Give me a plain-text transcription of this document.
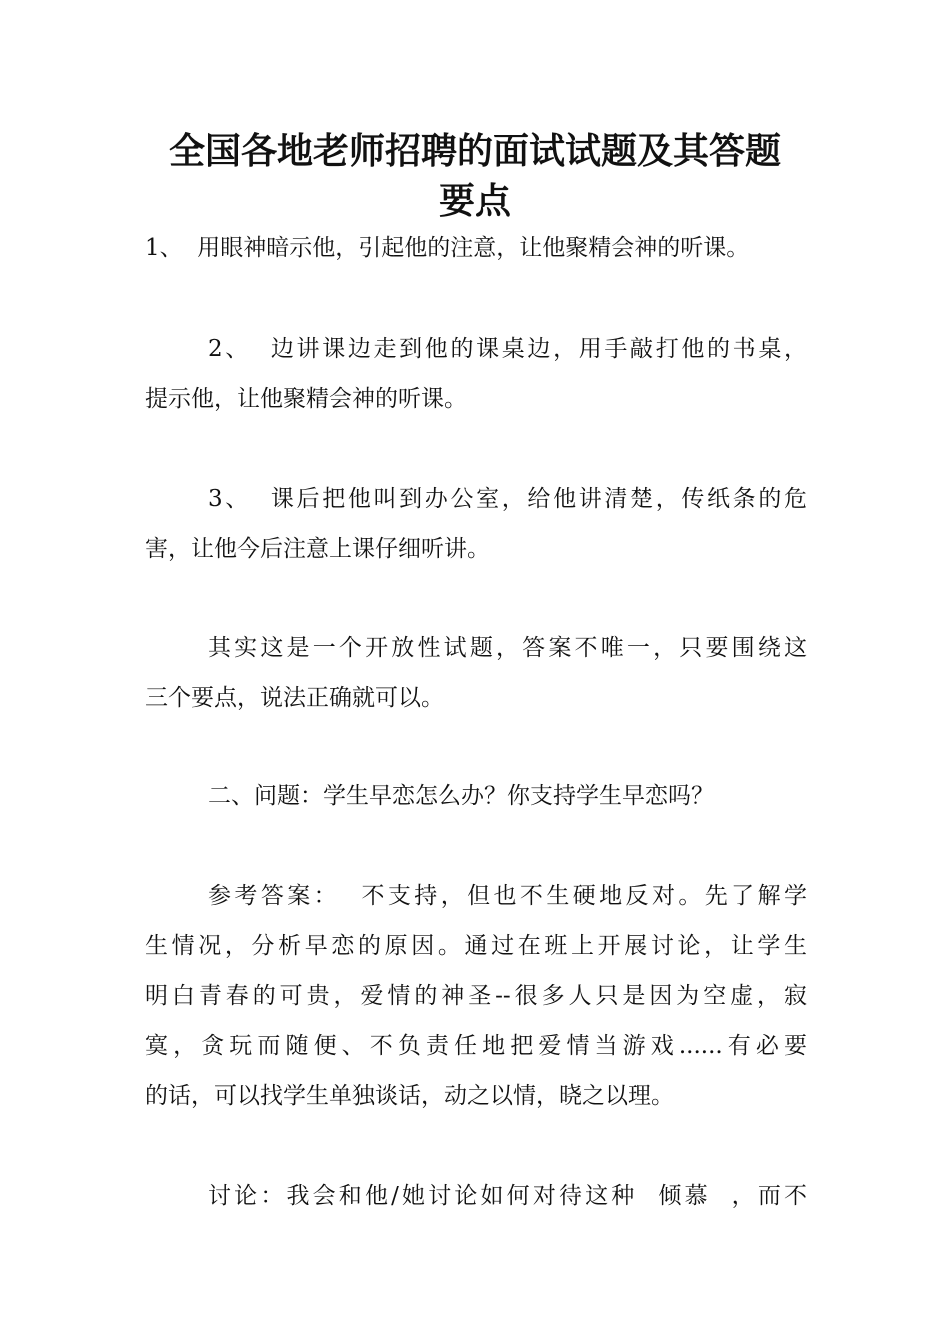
全国各地老师招聘的面试试题及其答题
要点

1、  用眼神暗示他，引起他的注意，让他聚精会神的听课。

2、  边讲课边走到他的课桌边，用手敲打他的书桌，

提示他，让他聚精会神的听课。

3、  课后把他叫到办公室，给他讲清楚，传纸条的危

害，让他今后注意上课仔细听讲。

其实这是一个开放性试题，答案不唯一，只要围绕这

三个要点，说法正确就可以。

二、问题：学生早恋怎么办？你支持学生早恋吗？

参考答案：  不支持，但也不生硬地反对。先了解学

生情况，分析早恋的原因。通过在班上开展讨论，让学生

明白青春的可贵，爱情的神圣--很多人只是因为空虚，寂

寞，贪玩而随便、不负责任地把爱情当游戏......有必要

的话，可以找学生单独谈话，动之以情，晓之以理。

讨论：我会和他/她讨论如何对待这种  倾慕  ，而不
